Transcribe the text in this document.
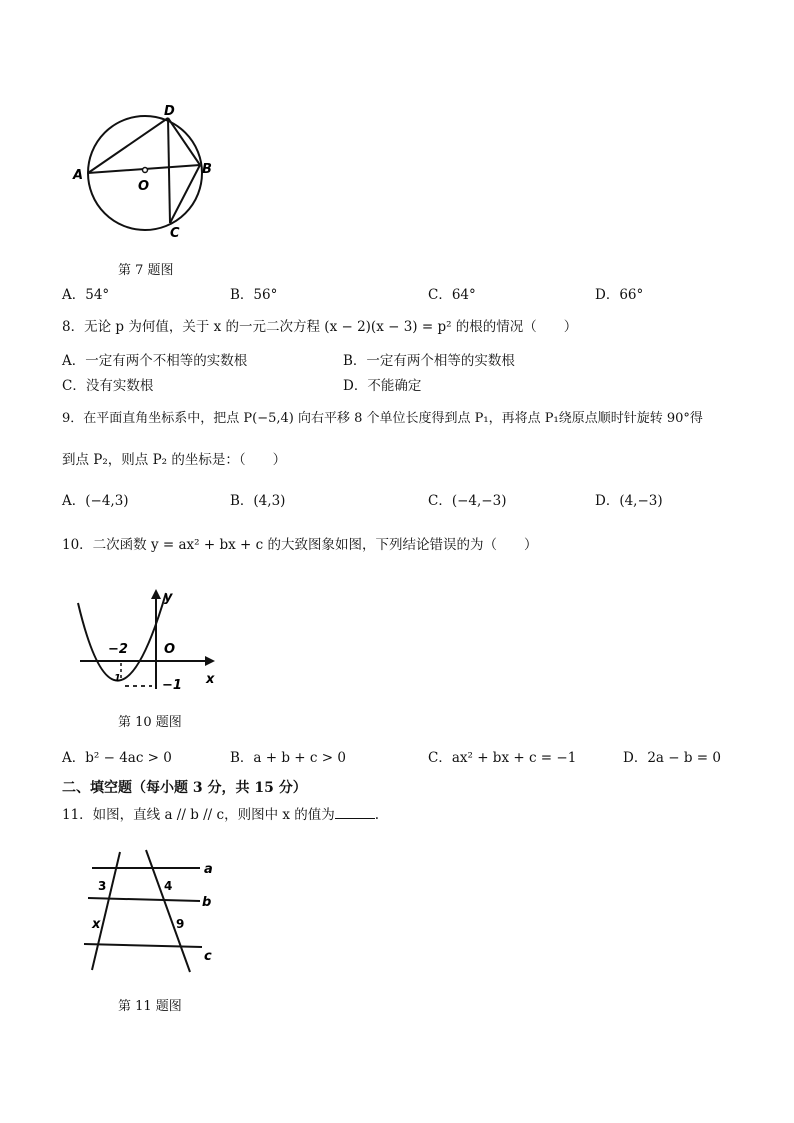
A
D
B
O
C
第 7 题图
A．54°	B．56°	C．64°	D．66°
8．无论 p 为何值，关于 x 的一元二次方程 (x − 2)(x − 3) = p² 的根的情况（　　）
A．一定有两个不相等的实数根	B．一定有两个相等的实数根
C．没有实数根	D．不能确定
9．在平面直角坐标系中，把点 P(−5,4) 向右平移 8 个单位长度得到点 P₁，再将点 P₁绕原点顺时针旋转 90°得
到点 P₂，则点 P₂ 的坐标是：（　　）
A．(−4,3)	B．(4,3)	C．(−4,−3)	D．(4,−3)
10．二次函数 y = ax² + bx + c 的大致图象如图，下列结论错误的为（　　）
y
x
O
−2
−1
1
第 10 题图
A．b² − 4ac > 0	B．a + b + c > 0	C．ax² + bx + c = −1	D．2a − b = 0
二、填空题（每小题 3 分，共 15 分）
11．如图，直线 a // b // c，则图中 x 的值为	.
a
b
c
3	4
x	9
第 11 题图
